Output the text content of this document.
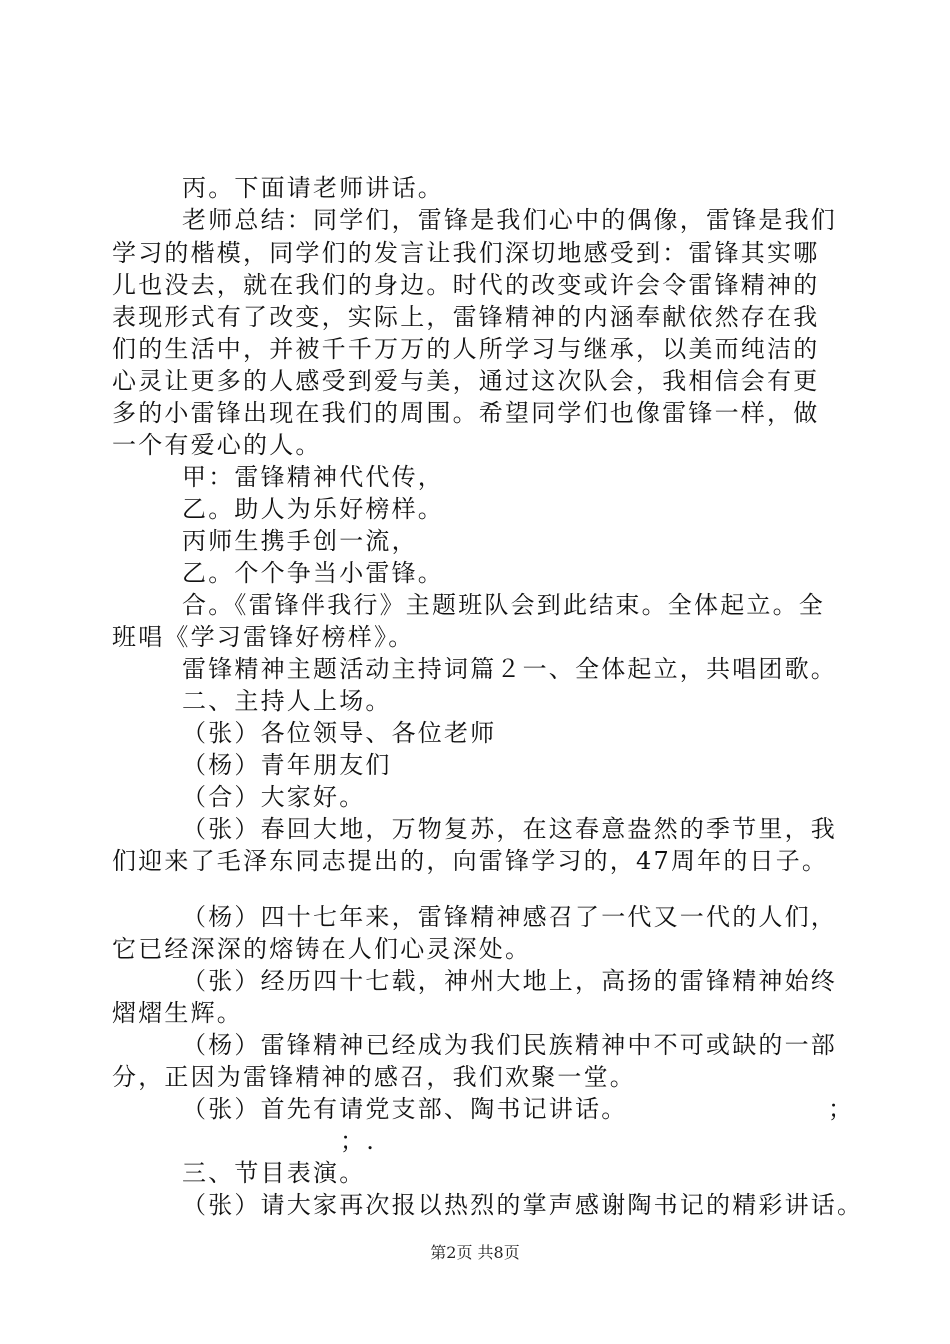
丙。下面请老师讲话。
老师总结：同学们，雷锋是我们心中的偶像，雷锋是我们
学习的楷模，同学们的发言让我们深切地感受到：雷锋其实哪
儿也没去，就在我们的身边。时代的改变或许会令雷锋精神的
表现形式有了改变，实际上，雷锋精神的内涵奉献依然存在我
们的生活中，并被千千万万的人所学习与继承，以美而纯洁的
心灵让更多的人感受到爱与美，通过这次队会，我相信会有更
多的小雷锋出现在我们的周围。希望同学们也像雷锋一样，做
一个有爱心的人。
甲：雷锋精神代代传，
乙。助人为乐好榜样。
丙师生携手创一流，
乙。个个争当小雷锋。
合。《雷锋伴我行》主题班队会到此结束。全体起立。全
班唱《学习雷锋好榜样》。
雷锋精神主题活动主持词篇２一、全体起立，共唱团歌。
二、主持人上场。
（张）各位领导、各位老师
（杨）青年朋友们
（合）大家好。
（张）春回大地，万物复苏，在这春意盎然的季节里，我
们迎来了毛泽东同志提出的，向雷锋学习的，47周年的日子。
（杨）四十七年来，雷锋精神感召了一代又一代的人们，
它已经深深的熔铸在人们心灵深处。
（张）经历四十七载，神州大地上，高扬的雷锋精神始终
熠熠生辉。
（杨）雷锋精神已经成为我们民族精神中不可或缺的一部
分，正因为雷锋精神的感召，我们欢聚一堂。
（张）首先有请党支部、陶书记讲话。	；
；.
三、节目表演。
（张）请大家再次报以热烈的掌声感谢陶书记的精彩讲话。
第2页 共8页
